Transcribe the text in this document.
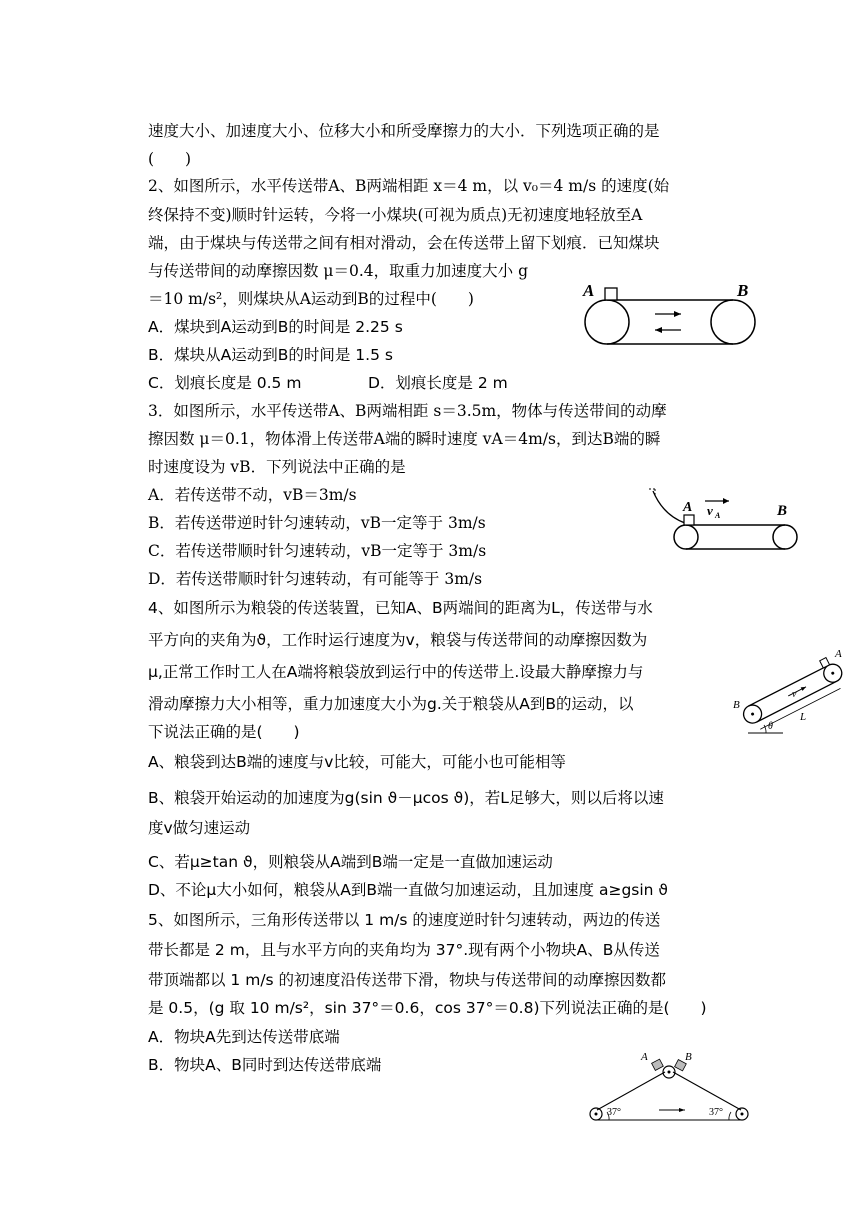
速度大小、加速度大小、位移大小和所受摩擦力的大小．下列选项正确的是
(　　)
2、如图所示，水平传送带A、B两端相距 x＝4 m，以 v₀＝4 m/s 的速度(始
终保持不变)顺时针运转，今将一小煤块(可视为质点)无初速度地轻放至A
端，由于煤块与传送带之间有相对滑动，会在传送带上留下划痕．已知煤块
与传送带间的动摩擦因数 μ＝0.4，取重力加速度大小 g
＝10 m/s²，则煤块从A运动到B的过程中(　　)
A．煤块到A运动到B的时间是 2.25 s
B．煤块从A运动到B的时间是 1.5 s
C．划痕长度是 0.5 m	D．划痕长度是 2 m
3．如图所示，水平传送带A、B两端相距 s＝3.5m，物体与传送带间的动摩
擦因数 μ＝0.1，物体滑上传送带A端的瞬时速度 vA＝4m/s，到达B端的瞬
时速度设为 vB．下列说法中正确的是
A．若传送带不动，vB＝3m/s
B．若传送带逆时针匀速转动，vB一定等于 3m/s
C．若传送带顺时针匀速转动，vB一定等于 3m/s
D．若传送带顺时针匀速转动，有可能等于 3m/s
4、如图所示为粮袋的传送装置，已知A、B两端间的距离为L，传送带与水
平方向的夹角为ϑ，工作时运行速度为v，粮袋与传送带间的动摩擦因数为
μ,正常工作时工人在A端将粮袋放到运行中的传送带上.设最大静摩擦力与
滑动摩擦力大小相等，重力加速度大小为g.关于粮袋从A到B的运动，以
下说法正确的是(　　)
A、粮袋到达B端的速度与v比较，可能大，可能小也可能相等
B、粮袋开始运动的加速度为g(sin ϑ－μcos ϑ)，若L足够大，则以后将以速
度v做匀速运动
C、若μ≥tan ϑ，则粮袋从A端到B端一定是一直做加速运动
D、不论μ大小如何，粮袋从A到B端一直做匀加速运动，且加速度 a≥gsin ϑ
5、如图所示，三角形传送带以 1 m/s 的速度逆时针匀速转动，两边的传送
带长都是 2 m，且与水平方向的夹角均为 37°.现有两个小物块A、B从传送
带顶端都以 1 m/s 的初速度沿传送带下滑，物块与传送带间的动摩擦因数都
是 0.5，(g 取 10 m/s²，sin 37°＝0.6，cos 37°＝0.8)下列说法正确的是(　　)
A．物块A先到达传送带底端
B．物块A、B同时到达传送带底端
A	B
A v A	B
B
A
v
L
θ
A	B
37°	37°
